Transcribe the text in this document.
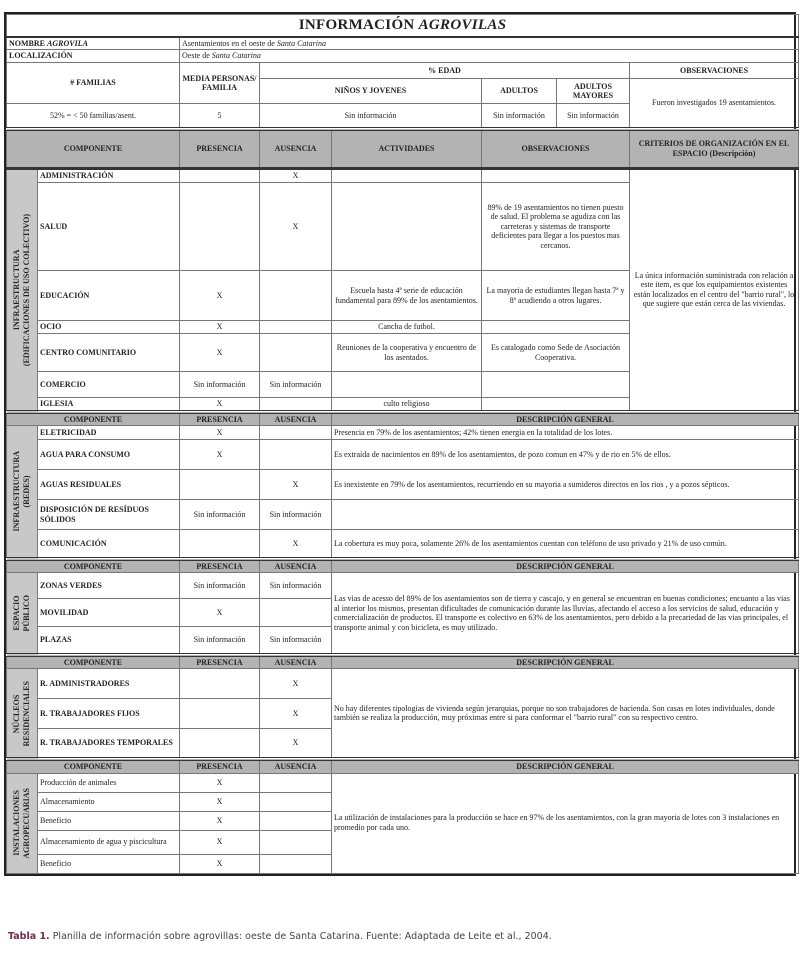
INFORMACIÓN AGROVILAS							
NOMBRE AGROVILA		Asentamientos en el oeste de Santa Catarina					
LOCALIZACIÓN		Oeste de Santa Catarina					
# FAMILIAS		MEDIA PERSONAS/ FAMILIA	% EDAD				OBSERVACIONES
			NIÑOS Y JOVENES		ADULTOS	ADULTOS MAYORES	Fueron investigados 19 asentamientos.
52% = < 50 familias/asent.		5	Sin información		Sin información	Sin información	
COMPONENTE		PRESENCIA	AUSENCIA	ACTIVIDADES	OBSERVACIONES		CRITERIOS DE ORGANIZACIÓN EN EL ESPACIO (Descripción)

INFRAESTRUCTURA
(EDIFICACIONES DE USO COLECTIVO)	ADMINISTRACIÓN		X				La única información suministrada con relación a este item, es que los equipamientos existentes están localizados en el centro del "barrio rural", lo que sugiere que están cerca de las viviendas.
	SALUD		X		89% de 19 asentamientos no tienen puesto de salud. El problema se agudiza con las carreteras y sistemas de transporte deficientes para llegar a los puestos mas cercanos.		
	EDUCACIÓN	X		Escuela hasta 4ª serie de educación fundamental para 89% de los asentamientos.	La mayoria de estudiantes llegan hasta 7ª y 8ª acudiendo a otros lugares.		
	OCIO	X		Cancha de futbol.			
	CENTRO COMUNITARIO	X		Reuniones de la cooperativa y encuentro de los asentados.	Es catalogado como Sede de Asociación Cooperativa.		
	COMERCIO	Sin información	Sin información				
	IGLESIA	X		culto religioso			
COMPONENTE		PRESENCIA	AUSENCIA	DESCRIPCIÓN GENERAL			

INFRAESTRUCTURA
(REDES)	ELETRICIDAD	X		Presencia en 79% de los asentamientos; 42% tienen energia en la totalidad de los lotes.			
	AGUA PARA CONSUMO	X		Es extraída de nacimientos en 89% de los asentamientos, de pozo comun en 47% y de rio en 5% de ellos.			
	AGUAS RESIDUALES		X	Es inexistente en 79% de los asentamientos, recurriendo en su mayoria a sumideros directos en los rios , y a pozos sépticos.			
	DISPOSICIÓN DE RESÍDUOS SÓLIDOS	Sin información	Sin información				
	COMUNICACIÓN		X	La cobertura es muy poca, solamente 26% de los asentamientos cuentan con teléfono de uso privado y 21% de uso común.			
COMPONENTE		PRESENCIA	AUSENCIA	DESCRIPCIÓN GENERAL			

ESPACIO
PÚBLICO	ZONAS VERDES	Sin información	Sin información	Las vias de acesso del 89% de los asentamientos son de tierra y cascajo, y en general se encuentran en buenas condiciones; encuanto a las vias al interior los mismos, presentan dificultades de comunicación durante las lluvias, afectando el acceso a los servicios de salud, educación y comercialización de productos. El transporte es colectivo en 63% de los asentamientos, pero debido a la precariedad de las vias principales, el transporte animal y con bicicleta, es muy utilizado.			
	MOVILIDAD	X					
	PLAZAS	Sin información	Sin información				
COMPONENTE		PRESENCIA	AUSENCIA	DESCRIPCIÓN GENERAL			

NÚCLEOS
RESIDENCIALES	R. ADMINISTRADORES		X	No hay diferentes tipologias de vivienda según jerarquias, porque no son trabajadores de hacienda. Son casas en lotes individuales, donde también se realiza la producción, muy próximas entre si para conformar el "barrio rural" con su respectivo centro.			
	R. TRABAJADORES FIJOS		X				
	R. TRABAJADORES TEMPORALES		X				
COMPONENTE		PRESENCIA	AUSENCIA	DESCRIPCIÓN GENERAL			

INSTALACIONES
AGROPECUARIAS	Producción de animales	X		La utilización de instalaciones para la producción se hace en 97% de los asentamientos, con la gran mayoria de lotes con 3 instalaciones en promedio por cada uno.			
	Almacenamiento	X					
	Beneficio	X					
	Almacenamiento de agua y piscicultura	X					
	Beneficio	X					
Tabla 1. Planilla de información sobre agrovillas: oeste de Santa Catarina. Fuente: Adaptada de Leite et al., 2004.
